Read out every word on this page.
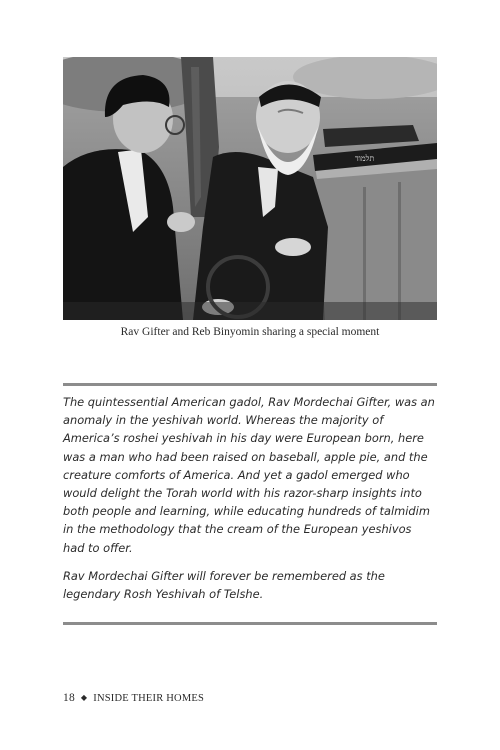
תלמוד
Rav Gifter and Reb Binyomin sharing a special moment

The quintessential American gadol, Rav Mordechai Gifter, was an anomaly in the yeshivah world. Whereas the majority of America’s roshei yeshivah in his day were European born, here was a man who had been raised on baseball, apple pie, and the creature comforts of America. And yet a gadol emerged who would delight the Torah world with his razor-sharp insights into both people and learning, while educating hundreds of talmidim in the methodology that the cream of the European yeshivos had to offer.

Rav Mordechai Gifter will forever be remembered as the legendary Rosh Yeshivah of Telshe.

18 ◆ INSIDE THEIR HOMES
